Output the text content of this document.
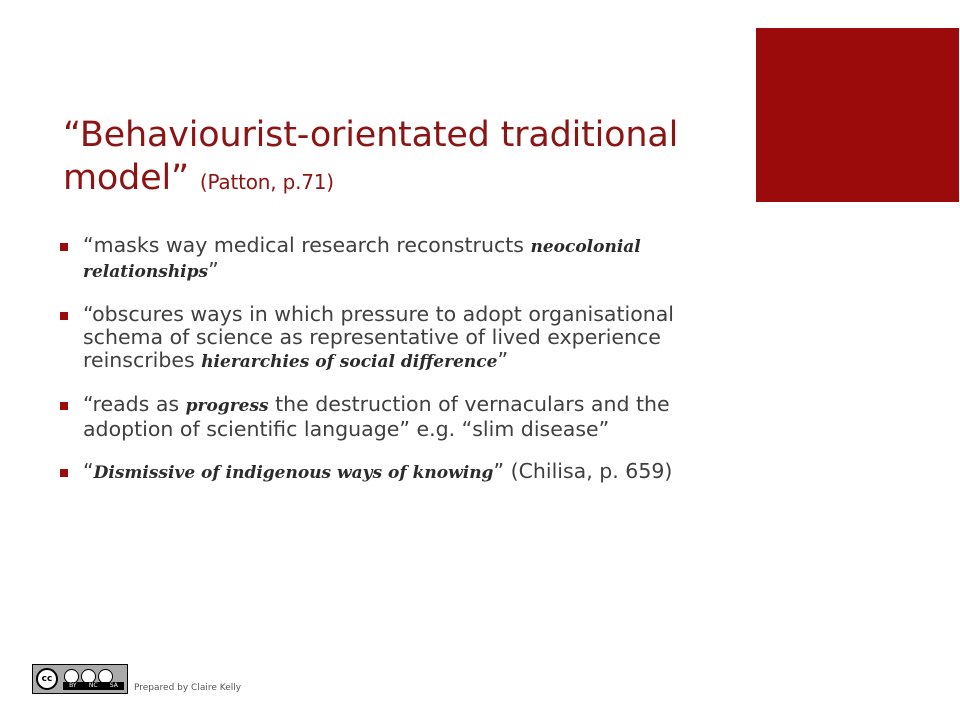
“Behaviourist-orientated traditional model” (Patton, p.71)
“masks way medical research reconstructs neocolonial relationships”
“obscures ways in which pressure to adopt organisational schema of science as representative of lived experience reinscribes hierarchies of social difference”
“reads as progress the destruction of vernaculars and the adoption of scientific language” e.g. “slim disease”
“Dismissive of indigenous ways of knowing” (Chilisa, p. 659)
cc
BY NC SA Prepared by Claire Kelly
